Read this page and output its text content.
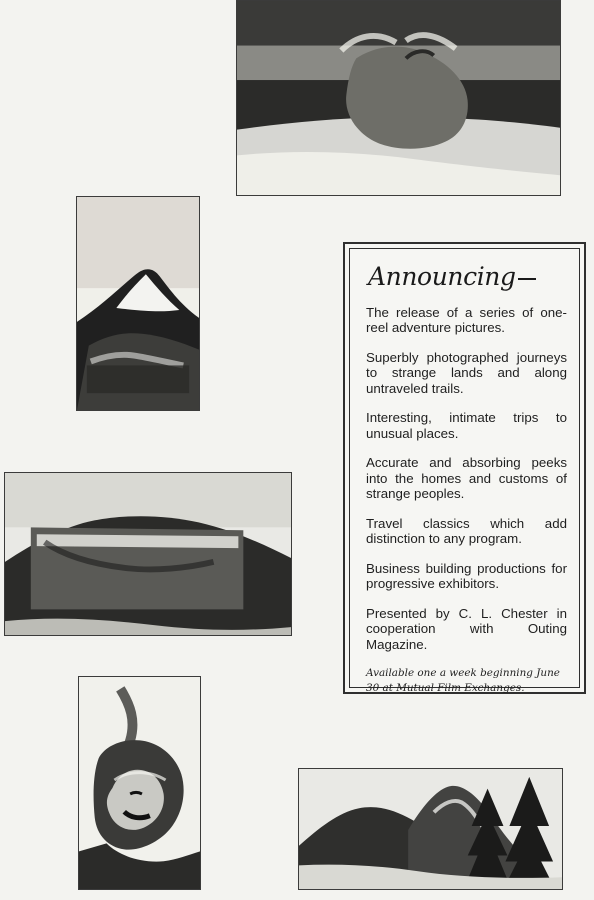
Announcing
The release of a series of one-reel adventure pictures.
Superbly photographed journeys to strange lands and along untraveled trails.
Interesting, intimate trips to unusual places.
Accurate and absorbing peeks into the homes and customs of strange peoples.
Travel classics which add distinction to any program.
Business building productions for progressive exhibitors.
Presented by C. L. Chester in cooperation with Outing Magazine.
Available one a week beginning June 30 at Mutual Film Exchanges.
